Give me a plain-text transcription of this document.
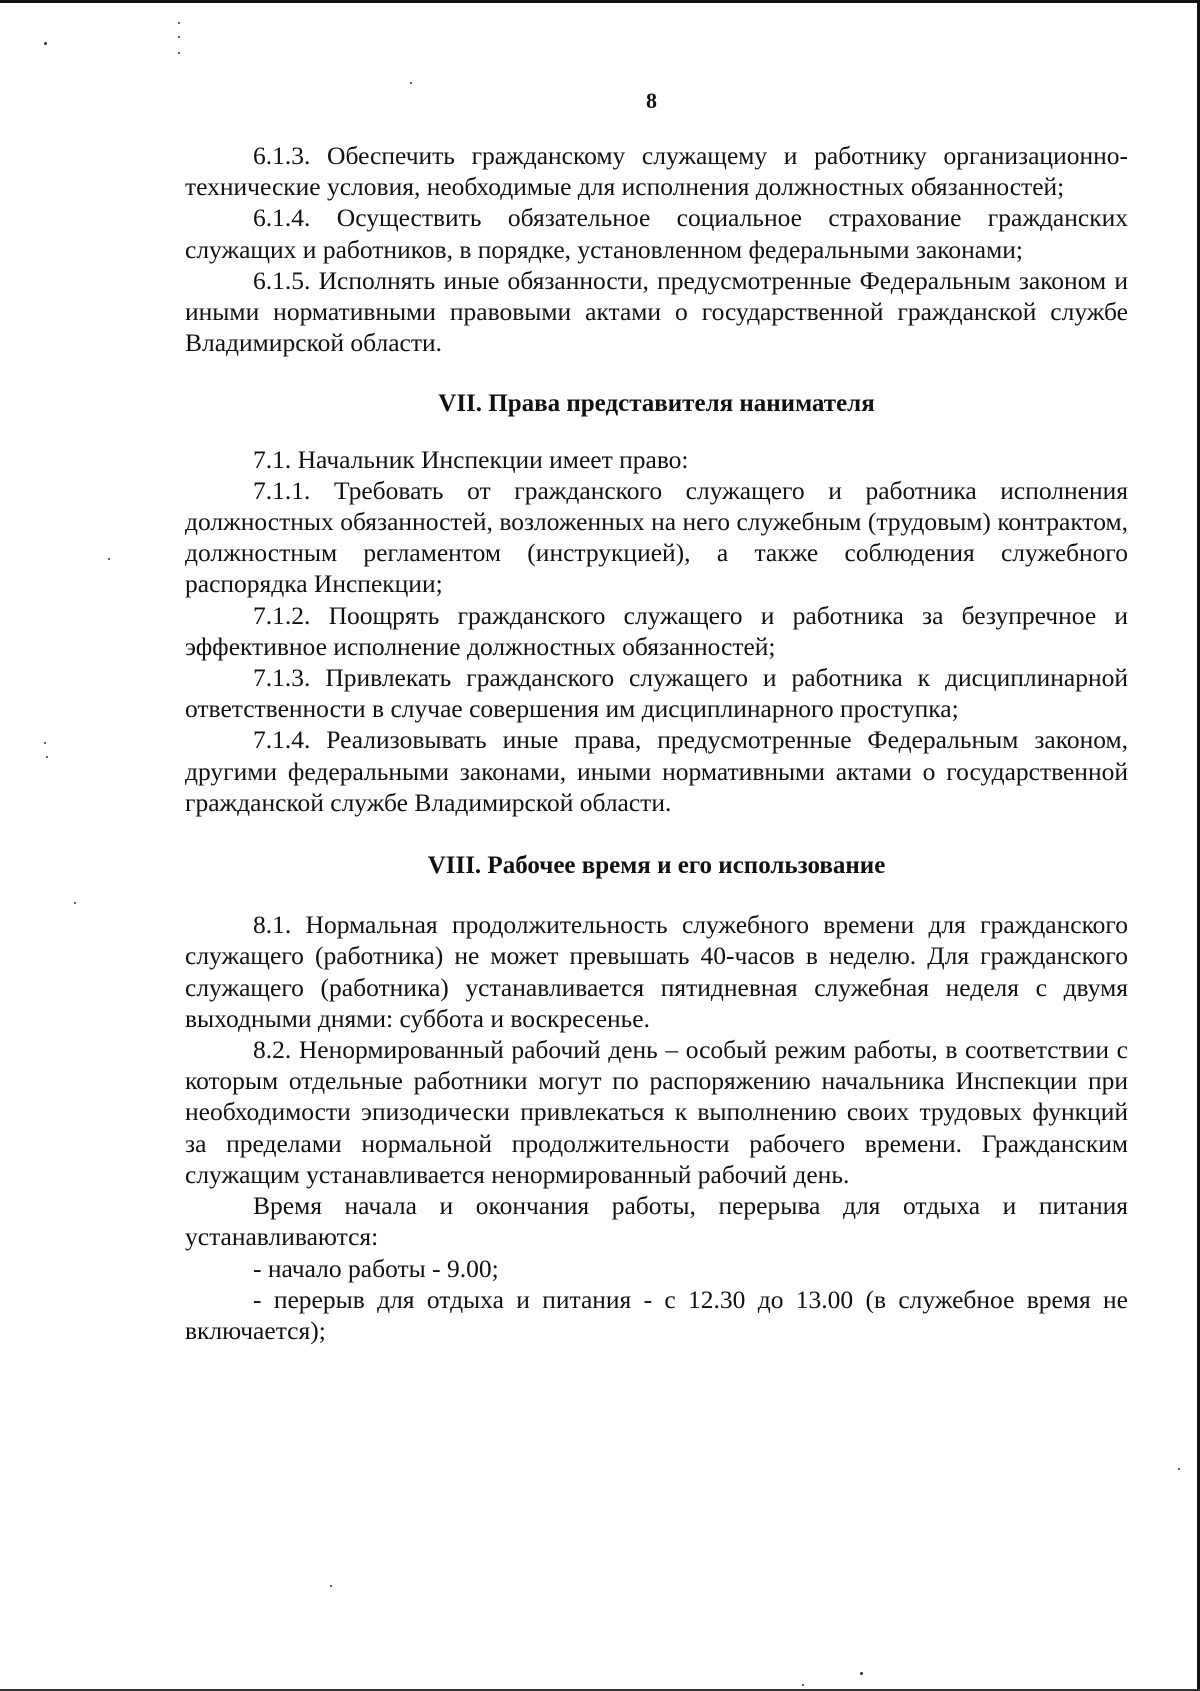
8

6.1.3. Обеспечить гражданскому служащему и работнику организационно-технические условия, необходимые для исполнения должностных обязанностей;

6.1.4. Осуществить обязательное социальное страхование гражданских служащих и работников, в порядке, установленном федеральными законами;

6.1.5. Исполнять иные обязанности, предусмотренные Федеральным законом и иными нормативными правовыми актами о государственной гражданской службе Владимирской области.

VII. Права представителя нанимателя

7.1. Начальник Инспекции имеет право:

7.1.1. Требовать от гражданского служащего и работника исполнения должностных обязанностей, возложенных на него служебным (трудовым) контрактом, должностным регламентом (инструкцией), а также соблюдения служебного распорядка Инспекции;

7.1.2. Поощрять гражданского служащего и работника за безупречное и эффективное исполнение должностных обязанностей;

7.1.3. Привлекать гражданского служащего и работника к дисциплинарной ответственности в случае совершения им дисциплинарного проступка;

7.1.4. Реализовывать иные права, предусмотренные Федеральным законом, другими федеральными законами, иными нормативными актами о государственной гражданской службе Владимирской области.

VIII. Рабочее время и его использование

8.1. Нормальная продолжительность служебного времени для гражданского служащего (работника) не может превышать 40-часов в неделю. Для гражданского служащего (работника) устанавливается пятидневная служебная неделя с двумя выходными днями: суббота и воскресенье.

8.2. Ненормированный рабочий день – особый режим работы, в соответствии с которым отдельные работники могут по распоряжению начальника Инспекции при необходимости эпизодически привлекаться к выполнению своих трудовых функций за пределами нормальной продолжительности рабочего времени. Гражданским служащим устанавливается ненормированный рабочий день.

Время начала и окончания работы, перерыва для отдыха и питания устанавливаются:

- начало работы - 9.00;

- перерыв для отдыха и питания - с 12.30 до 13.00 (в служебное время не включается);
